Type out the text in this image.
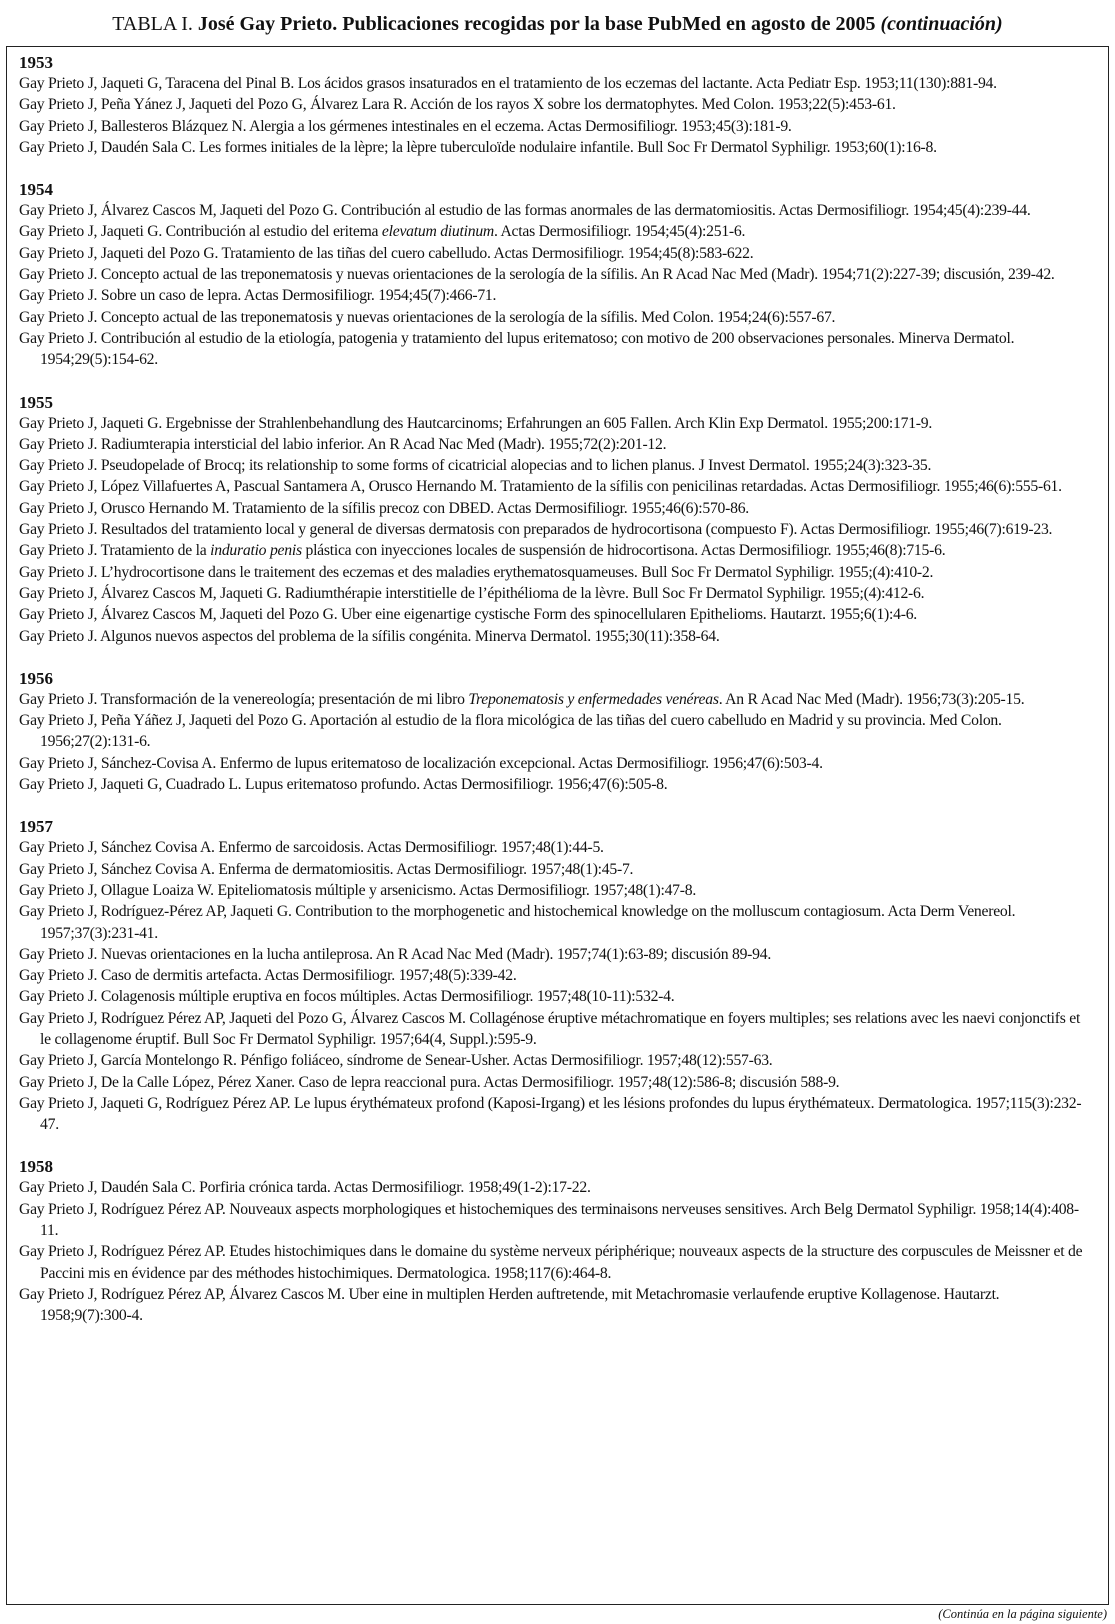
TABLA I. José Gay Prieto. Publicaciones recogidas por la base PubMed en agosto de 2005 (continuación)
1953
Gay Prieto J, Jaqueti G, Taracena del Pinal B. Los ácidos grasos insaturados en el tratamiento de los eczemas del lactante. Acta Pediatr Esp. 1953;11(130):881-94.
Gay Prieto J, Peña Yánez J, Jaqueti del Pozo G, Álvarez Lara R. Acción de los rayos X sobre los dermatophytes. Med Colon. 1953;22(5):453-61.
Gay Prieto J, Ballesteros Blázquez N. Alergia a los gérmenes intestinales en el eczema. Actas Dermosifiliogr. 1953;45(3):181-9.
Gay Prieto J, Daudén Sala C. Les formes initiales de la lèpre; la lèpre tuberculoïde nodulaire infantile. Bull Soc Fr Dermatol Syphiligr. 1953;60(1):16-8.
1954
Gay Prieto J, Álvarez Cascos M, Jaqueti del Pozo G. Contribución al estudio de las formas anormales de las dermatomiositis. Actas Dermosifiliogr. 1954;45(4):239-44.
Gay Prieto J, Jaqueti G. Contribución al estudio del eritema elevatum diutinum. Actas Dermosifiliogr. 1954;45(4):251-6.
Gay Prieto J, Jaqueti del Pozo G. Tratamiento de las tiñas del cuero cabelludo. Actas Dermosifiliogr. 1954;45(8):583-622.
Gay Prieto J. Concepto actual de las treponematosis y nuevas orientaciones de la serología de la sífilis. An R Acad Nac Med (Madr). 1954;71(2):227-39; discusión, 239-42.
Gay Prieto J. Sobre un caso de lepra. Actas Dermosifiliogr. 1954;45(7):466-71.
Gay Prieto J. Concepto actual de las treponematosis y nuevas orientaciones de la serología de la sífilis. Med Colon. 1954;24(6):557-67.
Gay Prieto J. Contribución al estudio de la etiología, patogenia y tratamiento del lupus eritematoso; con motivo de 200 observaciones personales. Minerva Dermatol. 1954;29(5):154-62.
1955
Gay Prieto J, Jaqueti G. Ergebnisse der Strahlenbehandlung des Hautcarcinoms; Erfahrungen an 605 Fallen. Arch Klin Exp Dermatol. 1955;200:171-9.
Gay Prieto J. Radiumterapia intersticial del labio inferior. An R Acad Nac Med (Madr). 1955;72(2):201-12.
Gay Prieto J. Pseudopelade of Brocq; its relationship to some forms of cicatricial alopecias and to lichen planus. J Invest Dermatol. 1955;24(3):323-35.
Gay Prieto J, López Villafuertes A, Pascual Santamera A, Orusco Hernando M. Tratamiento de la sífilis con penicilinas retardadas. Actas Dermosifiliogr. 1955;46(6):555-61.
Gay Prieto J, Orusco Hernando M. Tratamiento de la sífilis precoz con DBED. Actas Dermosifiliogr. 1955;46(6):570-86.
Gay Prieto J. Resultados del tratamiento local y general de diversas dermatosis con preparados de hydrocortisona (compuesto F). Actas Dermosifiliogr. 1955;46(7):619-23.
Gay Prieto J. Tratamiento de la induratio penis plástica con inyecciones locales de suspensión de hidrocortisona. Actas Dermosifiliogr. 1955;46(8):715-6.
Gay Prieto J. L’hydrocortisone dans le traitement des eczemas et des maladies erythematosquameuses. Bull Soc Fr Dermatol Syphiligr. 1955;(4):410-2.
Gay Prieto J, Álvarez Cascos M, Jaqueti G. Radiumthérapie interstitielle de l’épithélioma de la lèvre. Bull Soc Fr Dermatol Syphiligr. 1955;(4):412-6.
Gay Prieto J, Álvarez Cascos M, Jaqueti del Pozo G. Uber eine eigenartige cystische Form des spinocellularen Epithelioms. Hautarzt. 1955;6(1):4-6.
Gay Prieto J. Algunos nuevos aspectos del problema de la sífilis congénita. Minerva Dermatol. 1955;30(11):358-64.
1956
Gay Prieto J. Transformación de la venereología; presentación de mi libro Treponematosis y enfermedades venéreas. An R Acad Nac Med (Madr). 1956;73(3):205-15.
Gay Prieto J, Peña Yáñez J, Jaqueti del Pozo G. Aportación al estudio de la flora micológica de las tiñas del cuero cabelludo en Madrid y su provincia. Med Colon. 1956;27(2):131-6.
Gay Prieto J, Sánchez-Covisa A. Enfermo de lupus eritematoso de localización excepcional. Actas Dermosifiliogr. 1956;47(6):503-4.
Gay Prieto J, Jaqueti G, Cuadrado L. Lupus eritematoso profundo. Actas Dermosifiliogr. 1956;47(6):505-8.
1957
Gay Prieto J, Sánchez Covisa A. Enfermo de sarcoidosis. Actas Dermosifiliogr. 1957;48(1):44-5.
Gay Prieto J, Sánchez Covisa A. Enferma de dermatomiositis. Actas Dermosifiliogr. 1957;48(1):45-7.
Gay Prieto J, Ollague Loaiza W. Epiteliomatosis múltiple y arsenicismo. Actas Dermosifiliogr. 1957;48(1):47-8.
Gay Prieto J, Rodríguez-Pérez AP, Jaqueti G. Contribution to the morphogenetic and histochemical knowledge on the molluscum contagiosum. Acta Derm Venereol. 1957;37(3):231-41.
Gay Prieto J. Nuevas orientaciones en la lucha antileprosa. An R Acad Nac Med (Madr). 1957;74(1):63-89; discusión 89-94.
Gay Prieto J. Caso de dermitis artefacta. Actas Dermosifiliogr. 1957;48(5):339-42.
Gay Prieto J. Colagenosis múltiple eruptiva en focos múltiples. Actas Dermosifiliogr. 1957;48(10-11):532-4.
Gay Prieto J, Rodríguez Pérez AP, Jaqueti del Pozo G, Álvarez Cascos M. Collagénose éruptive métachromatique en foyers multiples; ses relations avec les naevi conjonctifs et le collagenome éruptif. Bull Soc Fr Dermatol Syphiligr. 1957;64(4, Suppl.):595-9.
Gay Prieto J, García Montelongo R. Pénfigo foliáceo, síndrome de Senear-Usher. Actas Dermosifiliogr. 1957;48(12):557-63.
Gay Prieto J, De la Calle López, Pérez Xaner. Caso de lepra reaccional pura. Actas Dermosifiliogr. 1957;48(12):586-8; discusión 588-9.
Gay Prieto J, Jaqueti G, Rodríguez Pérez AP. Le lupus érythémateux profond (Kaposi-Irgang) et les lésions profondes du lupus érythémateux. Dermatologica. 1957;115(3):232-47.
1958
Gay Prieto J, Daudén Sala C. Porfiria crónica tarda. Actas Dermosifiliogr. 1958;49(1-2):17-22.
Gay Prieto J, Rodríguez Pérez AP. Nouveaux aspects morphologiques et histochemiques des terminaisons nerveuses sensitives. Arch Belg Dermatol Syphiligr. 1958;14(4):408-11.
Gay Prieto J, Rodríguez Pérez AP. Etudes histochimiques dans le domaine du système nerveux périphérique; nouveaux aspects de la structure des corpuscules de Meissner et de Paccini mis en évidence par des méthodes histochimiques. Dermatologica. 1958;117(6):464-8.
Gay Prieto J, Rodríguez Pérez AP, Álvarez Cascos M. Uber eine in multiplen Herden auftretende, mit Metachromasie verlaufende eruptive Kollagenose. Hautarzt. 1958;9(7):300-4.
(Continúa en la página siguiente)
